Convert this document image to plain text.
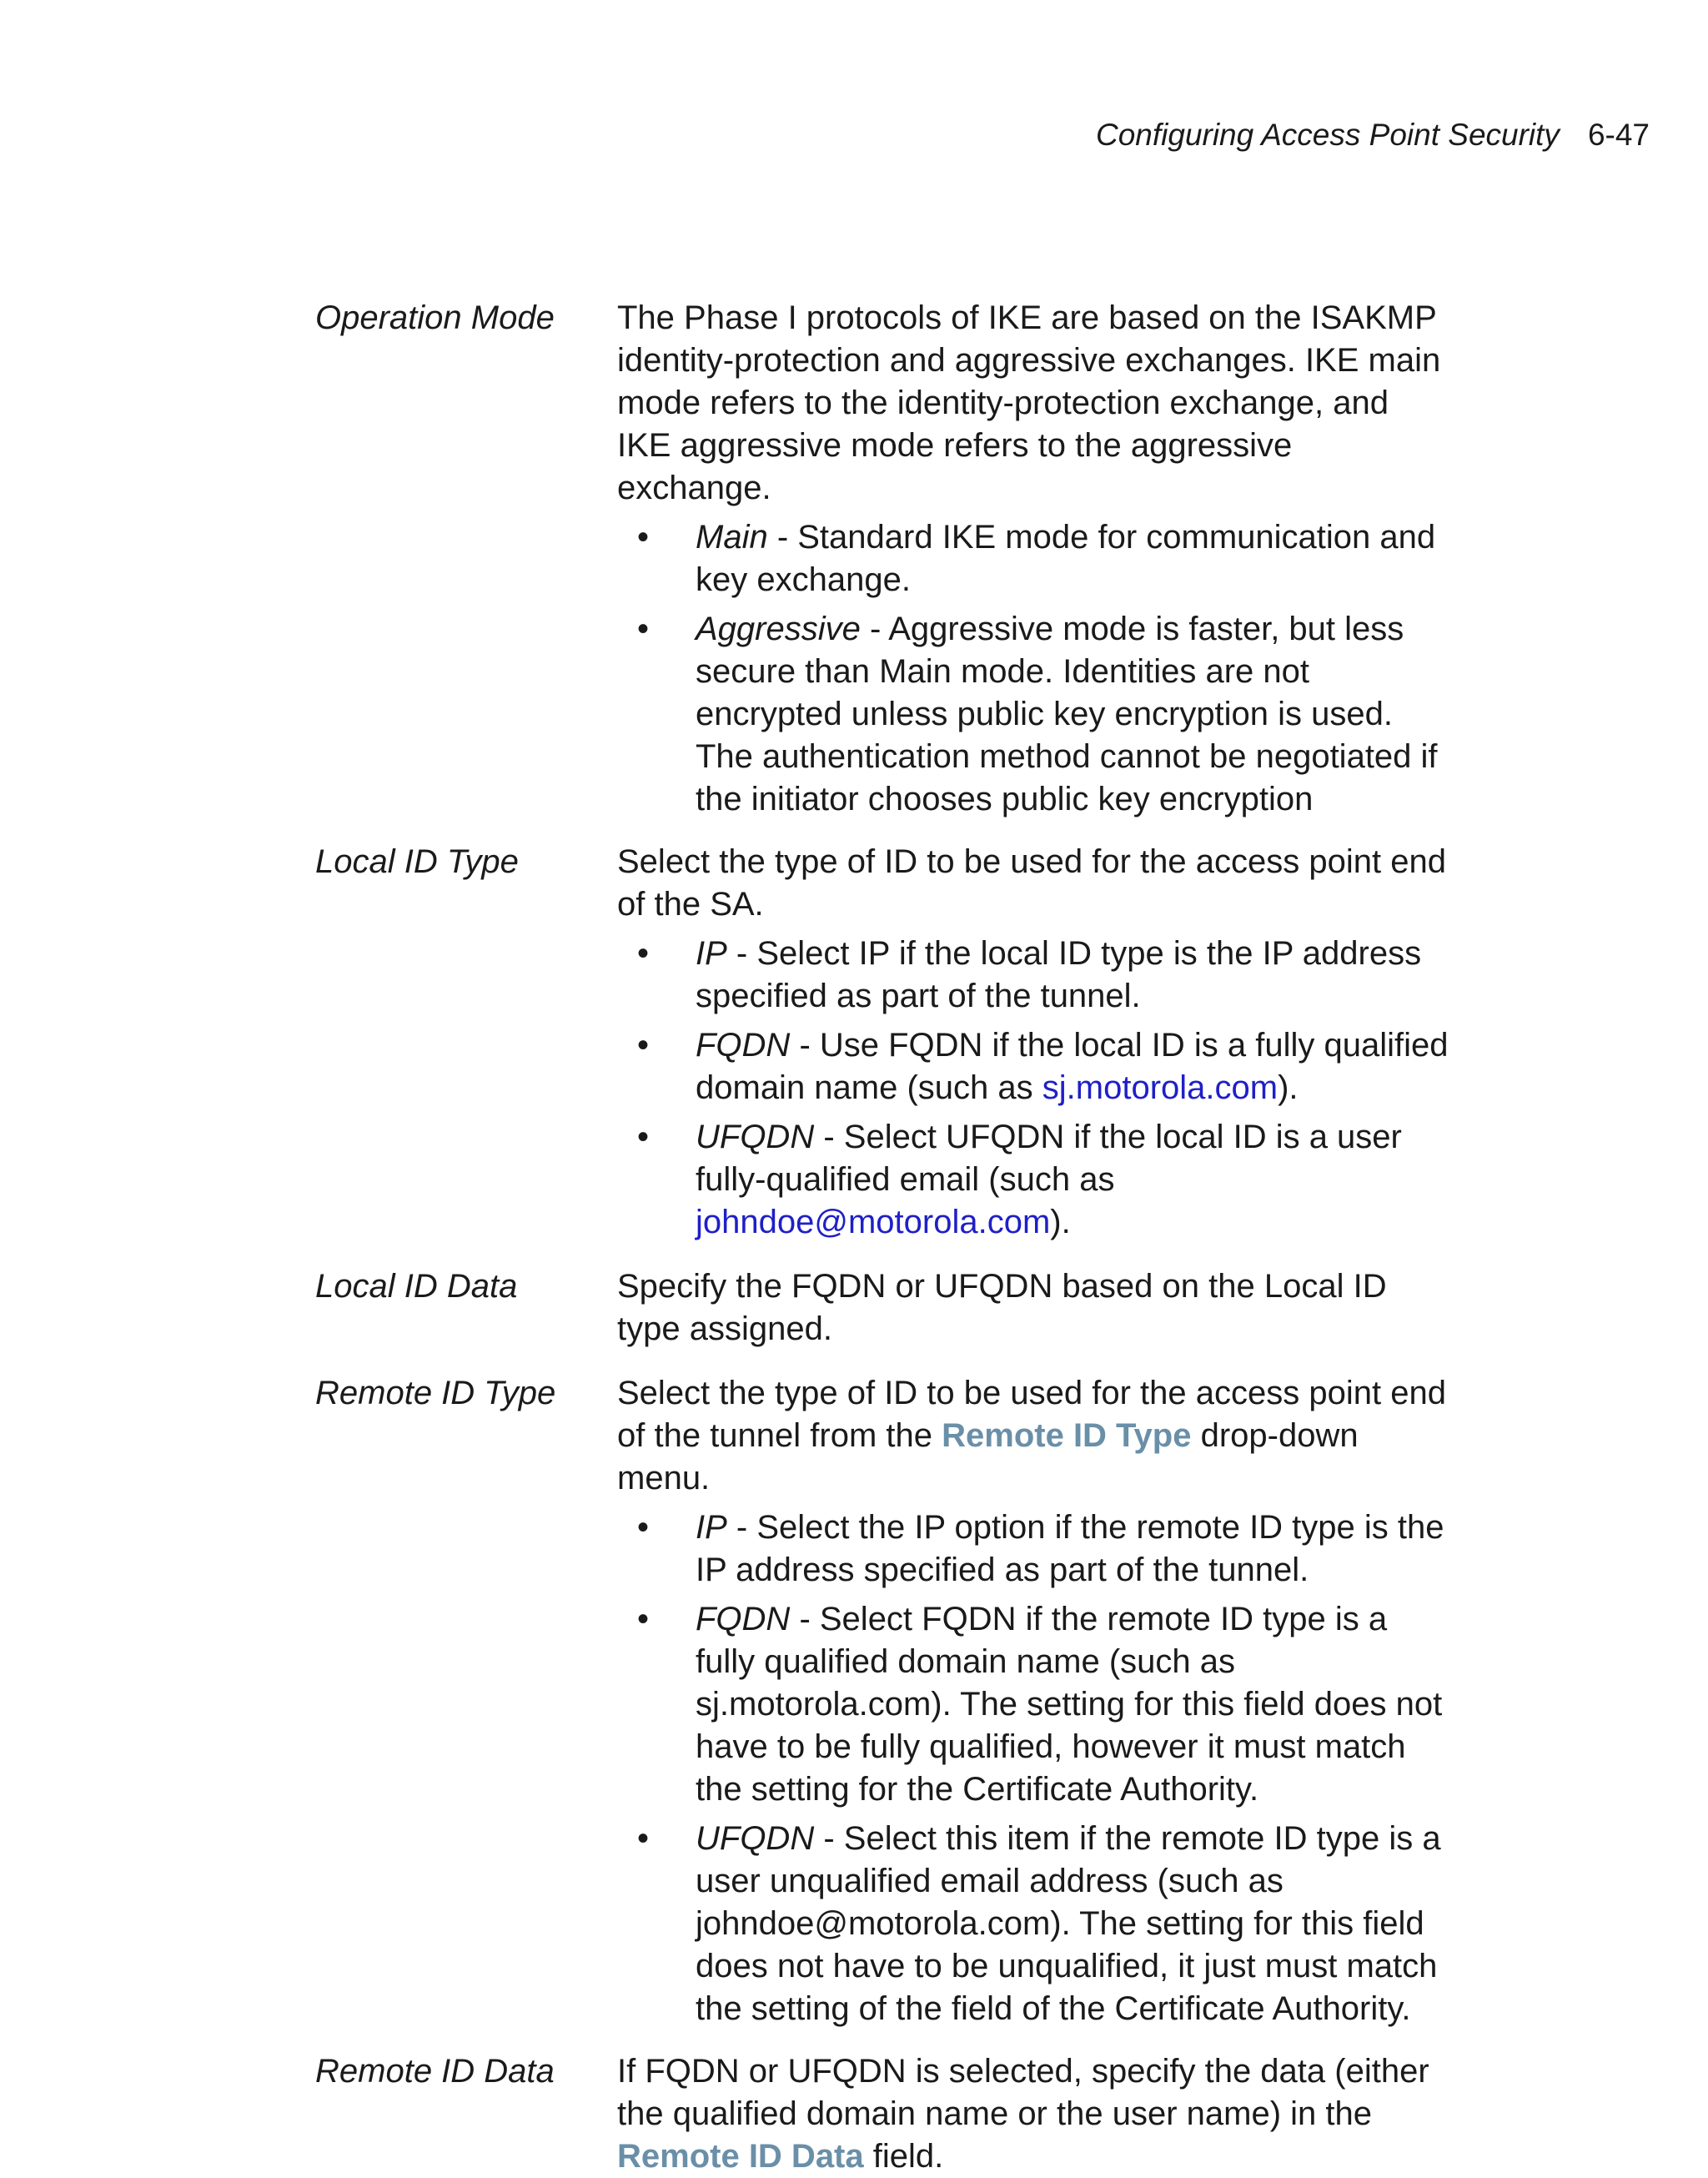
Configuring Access Point Security 6-47
Operation Mode	The Phase I protocols of IKE are based on the ISAKMP identity-protection and aggressive exchanges. IKE main mode refers to the identity-protection exchange, and IKE aggressive mode refers to the aggressive exchange.
• Main - Standard IKE mode for communication and key exchange.
• Aggressive - Aggressive mode is faster, but less secure than Main mode. Identities are not encrypted unless public key encryption is used. The authentication method cannot be negotiated if the initiator chooses public key encryption
Local ID Type	Select the type of ID to be used for the access point end of the SA.
• IP - Select IP if the local ID type is the IP address specified as part of the tunnel.
• FQDN - Use FQDN if the local ID is a fully qualified domain name (such as sj.motorola.com).
• UFQDN - Select UFQDN if the local ID is a user fully-qualified email (such as johndoe@motorola.com).
Local ID Data	Specify the FQDN or UFQDN based on the Local ID type assigned.
Remote ID Type	Select the type of ID to be used for the access point end of the tunnel from the Remote ID Type drop-down menu.
• IP - Select the IP option if the remote ID type is the IP address specified as part of the tunnel.
• FQDN - Select FQDN if the remote ID type is a fully qualified domain name (such as sj.motorola.com). The setting for this field does not have to be fully qualified, however it must match the setting for the Certificate Authority.
• UFQDN - Select this item if the remote ID type is a user unqualified email address (such as johndoe@motorola.com). The setting for this field does not have to be unqualified, it just must match the setting of the field of the Certificate Authority.
Remote ID Data	If FQDN or UFQDN is selected, specify the data (either the qualified domain name or the user name) in the Remote ID Data field.
